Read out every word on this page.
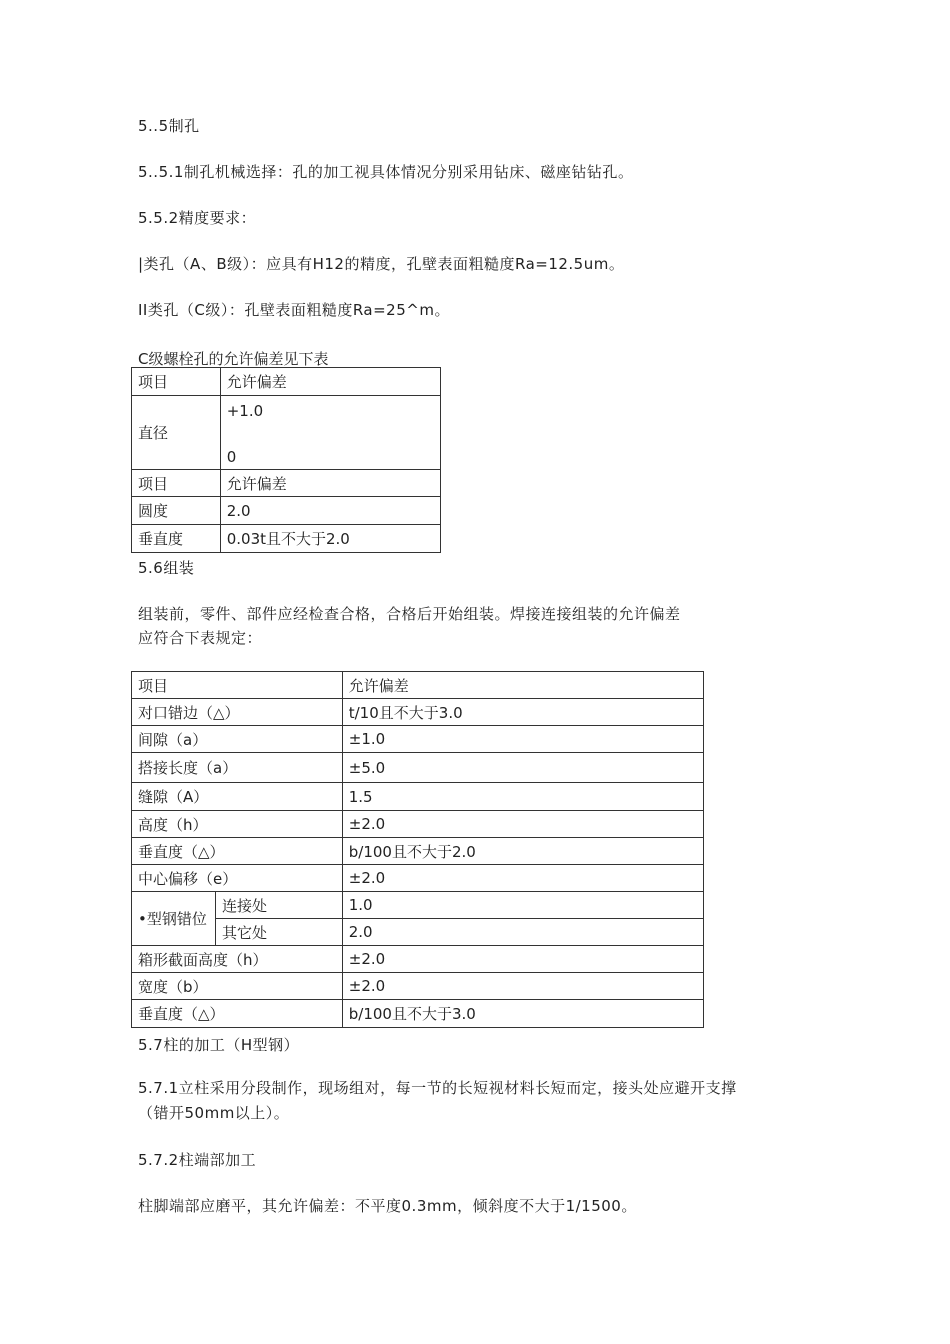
5..5制孔
5..5.1制孔机械选择：孔的加工视具体情况分别采用钻床、磁座钻钻孔。
5.5.2精度要求：
|类孔（A、B级）：应具有H12的精度，孔壁表面粗糙度Ra=12.5um。
II类孔（C级）：孔壁表面粗糙度Ra=25^m。
C级螺栓孔的允许偏差见下表
项目	允许偏差
直径	+1.0
0

项目	允许偏差
圆度	2.0
垂直度	0.03t且不大于2.0
5.6组装
组装前，零件、部件应经检查合格，合格后开始组装。焊接连接组装的允许偏差
应符合下表规定：
项目		允许偏差
对口错边（△）		t/10且不大于3.0
间隙（a）		±1.0
搭接长度（a）		±5.0
缝隙（A）		1.5
高度（h）		±2.0
垂直度（△）		b/100且不大于2.0
中心偏移（e）		±2.0
•型钢错位	连接处	1.0
	其它处	2.0
箱形截面高度（h）		±2.0
宽度（b）		±2.0
垂直度（△）		b/100且不大于3.0
5.7柱的加工（H型钢）
5.7.1立柱采用分段制作，现场组对，每一节的长短视材料长短而定，接头处应避开支撑
（错开50mm以上）。
5.7.2柱端部加工
柱脚端部应磨平，其允许偏差：不平度0.3mm，倾斜度不大于1/1500。
